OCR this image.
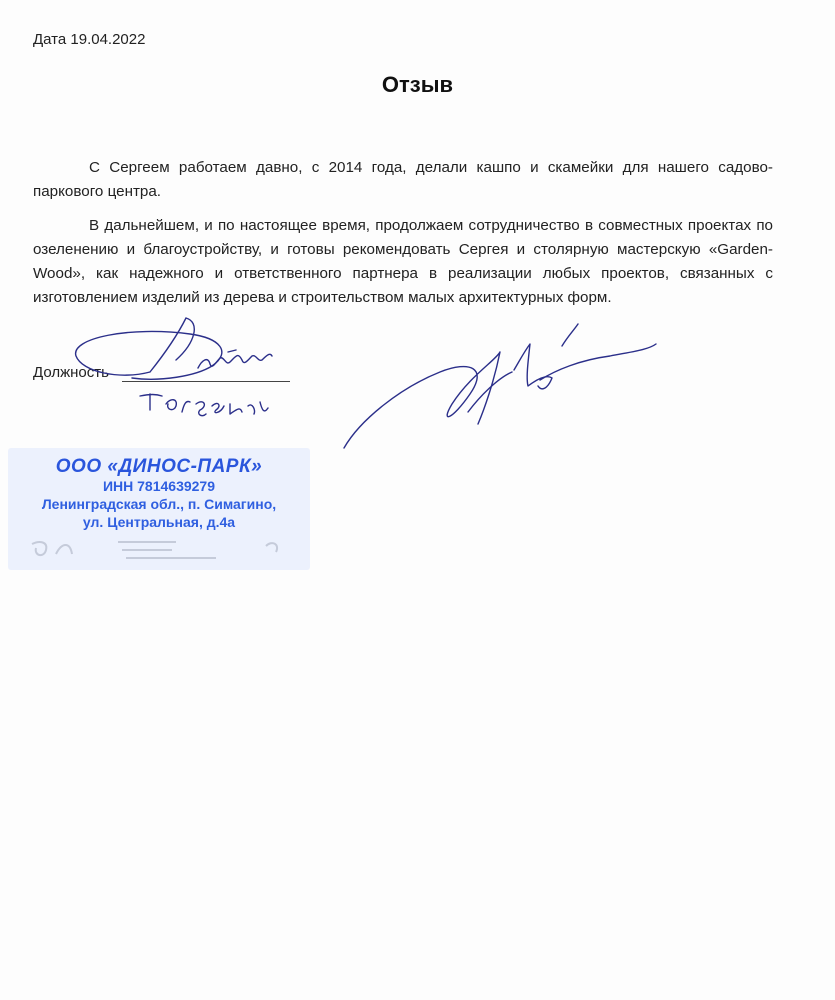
Дата 19.04.2022
Отзыв

С Сергеем работаем давно, с 2014 года, делали кашпо и скамейки для нашего садово-паркового центра.

В дальнейшем, и по настоящее время, продолжаем сотрудничество в совместных проектах по озеленению и благоустройству, и готовы рекомендовать Сергея и столярную мастерскую «Garden-Wood», как надежного и ответственного партнера в реализации любых проектов, связанных с изготовлением изделий из дерева и строительством малых архитектурных форм.

Должность
ООО «ДИНОС-ПАРК»
ИНН 7814639279
Ленинградская обл., п. Симагино,
ул. Центральная, д.4а
